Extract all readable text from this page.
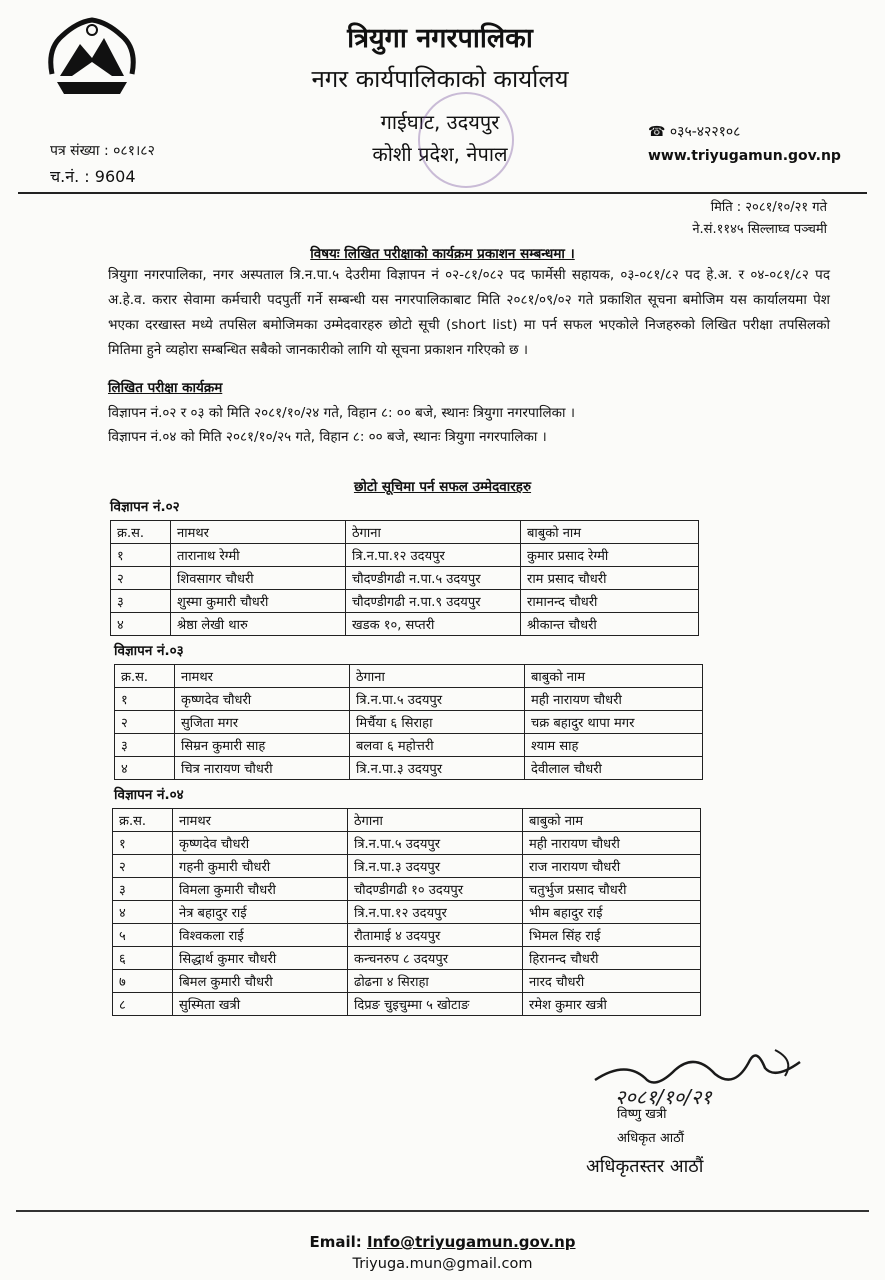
त्रियुगा नगरपालिका
नगर कार्यपालिकाको कार्यालय
गाईघाट, उदयपुर
कोशी प्रदेश, नेपाल

पत्र संख्या : ०८१।८२
च.नं. : 9604
☎ ०३५-४२२१०८
www.triyugamun.gov.np
मिति : २०८१/१०/२१ गते
ने.सं.११४५ सिल्लाघ्व पञ्चमी
विषयः लिखित परीक्षाको कार्यक्रम प्रकाशन सम्बन्धमा ।
त्रियुगा नगरपालिका, नगर अस्पताल त्रि.न.पा.५ देउरीमा विज्ञापन नं ०२-८१/०८२ पद फार्मेसी सहायक, ०३-०८१/८२ पद हे.अ. र ०४-०८१/८२ पद अ.हे.व. करार सेवामा कर्मचारी पदपुर्ती गर्ने सम्बन्धी यस नगरपालिकाबाट मिति २०८१/०९/०२ गते प्रकाशित सूचना बमोजिम यस कार्यालयमा पेश भएका दरखास्त मध्ये तपसिल बमोजिमका उम्मेदवारहरु छोटो सूची (short list) मा पर्न सफल भएकोले निजहरुको लिखित परीक्षा तपसिलको मितिमा हुने व्यहोरा सम्बन्धित सबैको जानकारीको लागि यो सूचना प्रकाशन गरिएको छ ।
लिखित परीक्षा कार्यक्रम
विज्ञापन नं.०२ र ०३ को मिति २०८१/१०/२४ गते, विहान ८: ०० बजे, स्थानः त्रियुगा नगरपालिका ।
विज्ञापन नं.०४ को मिति २०८१/१०/२५ गते, विहान ८: ०० बजे, स्थानः त्रियुगा नगरपालिका ।
छोटो सूचिमा पर्न सफल उम्मेदवारहरु
विज्ञापन नं.०२
क्र.स.	नामथर	ठेगाना	बाबुको नाम
१	तारानाथ रेग्मी	त्रि.न.पा.१२ उदयपुर	कुमार प्रसाद रेग्मी
२	शिवसागर चौधरी	चौदण्डीगढी न.पा.५ उदयपुर	राम प्रसाद चौधरी
३	शुस्मा कुमारी चौधरी	चौदण्डीगढी न.पा.९ उदयपुर	रामानन्द चौधरी
४	श्रेष्ठा लेखी थारु	खडक १०, सप्तरी	श्रीकान्त चौधरी
विज्ञापन नं.०३
क्र.स.	नामथर	ठेगाना	बाबुको नाम
१	कृष्णदेव चौधरी	त्रि.न.पा.५ उदयपुर	मही नारायण चौधरी
२	सुजिता मगर	मिर्चैया ६ सिराहा	चक्र बहादुर थापा मगर
३	सिम्रन कुमारी साह	बलवा ६ महोत्तरी	श्याम साह
४	चित्र नारायण चौधरी	त्रि.न.पा.३ उदयपुर	देवीलाल चौधरी
विज्ञापन नं.०४
क्र.स.	नामथर	ठेगाना	बाबुको नाम
१	कृष्णदेव चौधरी	त्रि.न.पा.५ उदयपुर	मही नारायण चौधरी
२	गहनी कुमारी चौधरी	त्रि.न.पा.३ उदयपुर	राज नारायण चौधरी
३	विमला कुमारी चौधरी	चौदण्डीगढी १० उदयपुर	चतुर्भुज प्रसाद चौधरी
४	नेत्र बहादुर राई	त्रि.न.पा.१२ उदयपुर	भीम बहादुर राई
५	विश्वकला राई	रौतामाई ४ उदयपुर	भिमल सिंह राई
६	सिद्धार्थ कुमार चौधरी	कन्चनरुप ८ उदयपुर	हिरानन्द चौधरी
७	बिमल कुमारी चौधरी	ढोढना ४ सिराहा	नारद चौधरी
८	सुस्मिता खत्री	दिप्रङ चुइचुम्मा ५ खोटाङ	रमेश कुमार खत्री
२०८१/१०/२१
विष्णु खत्री
अधिकृत आठौं
अधिकृतस्तर आठौं
Email: Info@triyugamun.gov.np
Triyuga.mun@gmail.com
